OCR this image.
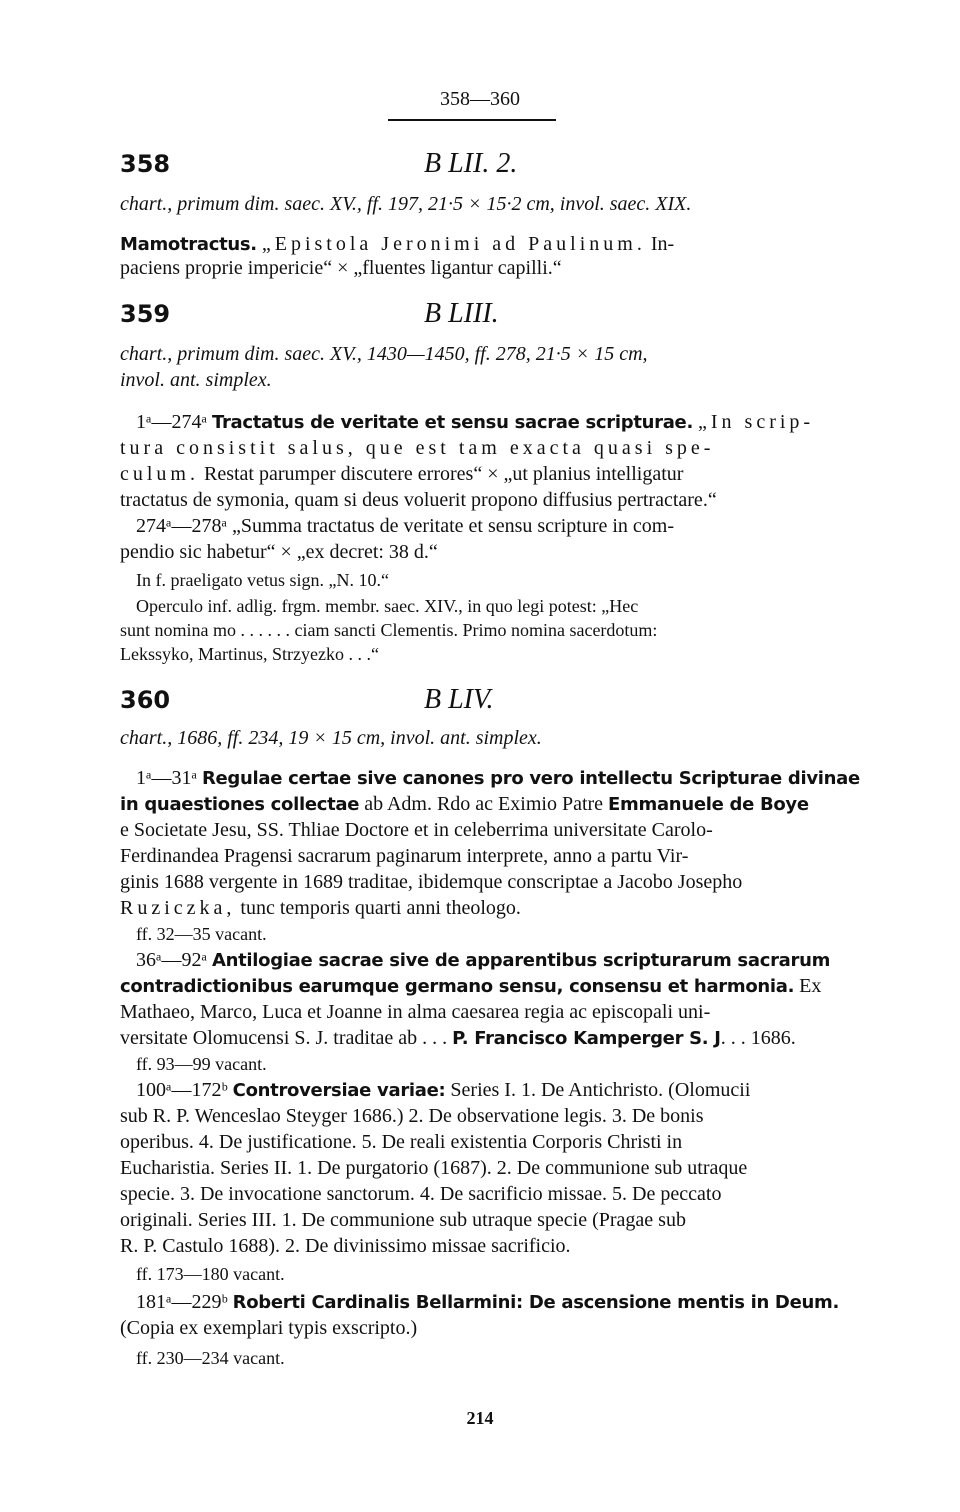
358—360
358	B LII. 2.
chart., primum dim. saec. XV., ff. 197, 21·5 × 15·2 cm, invol. saec. XIX.
Mamotractus. „Epistola Jeronimi ad Paulinum. In-
paciens proprie impericie“ × „fluentes ligantur capilli.“
359	B LIII.
chart., primum dim. saec. XV., 1430—1450, ff. 278, 21·5 × 15 cm,
invol. ant. simplex.
1ᵃ—274ᵃ Tractatus de veritate et sensu sacrae scripturae. „In scrip-
tura consistit salus, que est tam exacta quasi spe-
culum. Restat parumper discutere errores“ × „ut planius intelligatur
tractatus de symonia, quam si deus voluerit propono diffusius pertractare.“
274ᵃ—278ᵃ „Summa tractatus de veritate et sensu scripture in com-
pendio sic habetur“ × „ex decret: 38 d.“
In f. praeligato vetus sign. „N. 10.“
Operculo inf. adlig. frgm. membr. saec. XIV., in quo legi potest: „Hec
sunt nomina mo . . . . . . ciam sancti Clementis. Primo nomina sacerdotum:
Lekssyko, Martinus, Strzyezko . . .“
360	B LIV.
chart., 1686, ff. 234, 19 × 15 cm, invol. ant. simplex.
1ᵃ—31ᵃ Regulae certae sive canones pro vero intellectu Scripturae divinae
in quaestiones collectae ab Adm. Rdo ac Eximio Patre Emmanuele de Boye
e Societate Jesu, SS. Thliae Doctore et in celeberrima universitate Carolo-
Ferdinandea Pragensi sacrarum paginarum interprete, anno a partu Vir-
ginis 1688 vergente in 1689 traditae, ibidemque conscriptae a Jacobo Josepho
Ruziczka, tunc temporis quarti anni theologo.
ff. 32—35 vacant.
36ᵃ—92ᵃ Antilogiae sacrae sive de apparentibus scripturarum sacrarum
contradictionibus earumque germano sensu, consensu et harmonia. Ex
Mathaeo, Marco, Luca et Joanne in alma caesarea regia ac episcopali uni-
versitate Olomucensi S. J. traditae ab . . . P. Francisco Kamperger S. J. . . 1686.
ff. 93—99 vacant.
100ᵃ—172ᵇ Controversiae variae: Series I. 1. De Antichristo. (Olomucii
sub R. P. Wenceslao Steyger 1686.) 2. De observatione legis. 3. De bonis
operibus. 4. De justificatione. 5. De reali existentia Corporis Christi in
Eucharistia. Series II. 1. De purgatorio (1687). 2. De communione sub utraque
specie. 3. De invocatione sanctorum. 4. De sacrificio missae. 5. De peccato
originali. Series III. 1. De communione sub utraque specie (Pragae sub
R. P. Castulo 1688). 2. De divinissimo missae sacrificio.
ff. 173—180 vacant.
181ᵃ—229ᵇ Roberti Cardinalis Bellarmini: De ascensione mentis in Deum.
(Copia ex exemplari typis exscripto.)
ff. 230—234 vacant.
214
